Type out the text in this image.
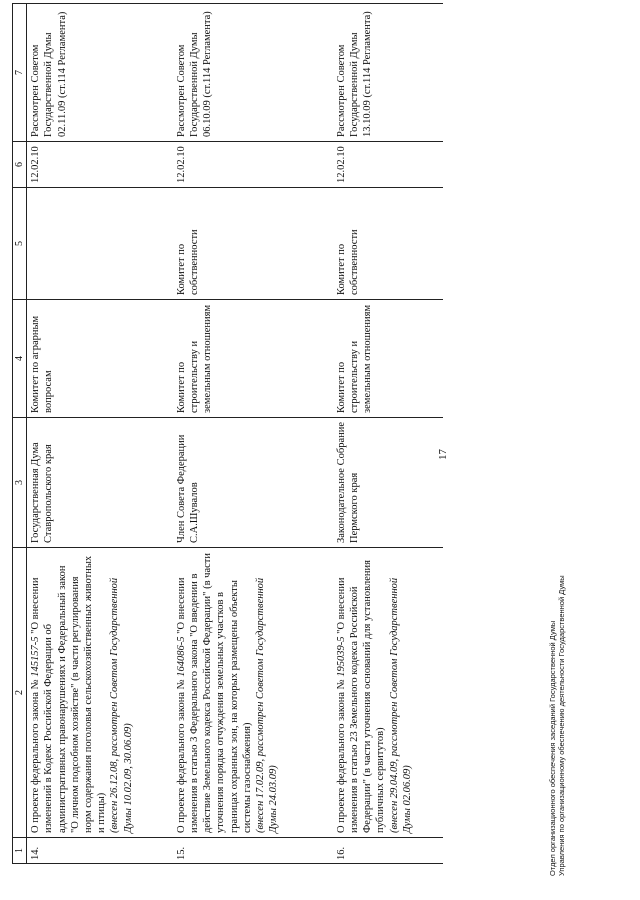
17
1	2	3	4	5	6	7
14.	О проекте федерального закона № 145157-5 "О внесении изменений в Кодекс Российской Федерации об административных правонарушениях и Федеральный закон "О личном подсобном хозяйстве" (в части регулирования норм содержания поголовья сельскохозяйственных животных и птицы) (внесен 26.12.08, рассмотрен Советом Государственной Думы 10.02.09, 30.06.09)	Государственная Дума Ставропольского края	Комитет по аграрным вопросам		12.02.10	Рассмотрен Советом Государственной Думы 02.11.09 (ст.114 Регламента)
15.	О проекте федерального закона № 164086-5 "О внесении изменения в статью 3 Федерального закона "О введении в действие Земельного кодекса Российской Федерации" (в части уточнения порядка отчуждения земельных участков в границах охранных зон, на которых размещены объекты системы газоснабжения) (внесен 17.02.09, рассмотрен Советом Государственной Думы 24.03.09)	Член Совета Федерации С.А.Шувалов	Комитет по строительству и земельным отношениям	Комитет по собственности	12.02.10	Рассмотрен Советом Государственной Думы 06.10.09 (ст.114 Регламента)
16.	О проекте федерального закона № 195039-5 "О внесении изменения в статью 23 Земельного кодекса Российской Федерации" (в части уточнения оснований для установления публичных сервитутов) (внесен 29.04.09, рассмотрен Советом Государственной Думы 02.06.09)	Законодательное Собрание Пермского края	Комитет по строительству и земельным отношениям	Комитет по собственности	12.02.10	Рассмотрен Советом Государственной Думы 13.10.09 (ст.114 Регламента)
Отдел организационного обеспечения заседаний Государственной Думы Управления по организационному обеспечению деятельности Государственной Думы
